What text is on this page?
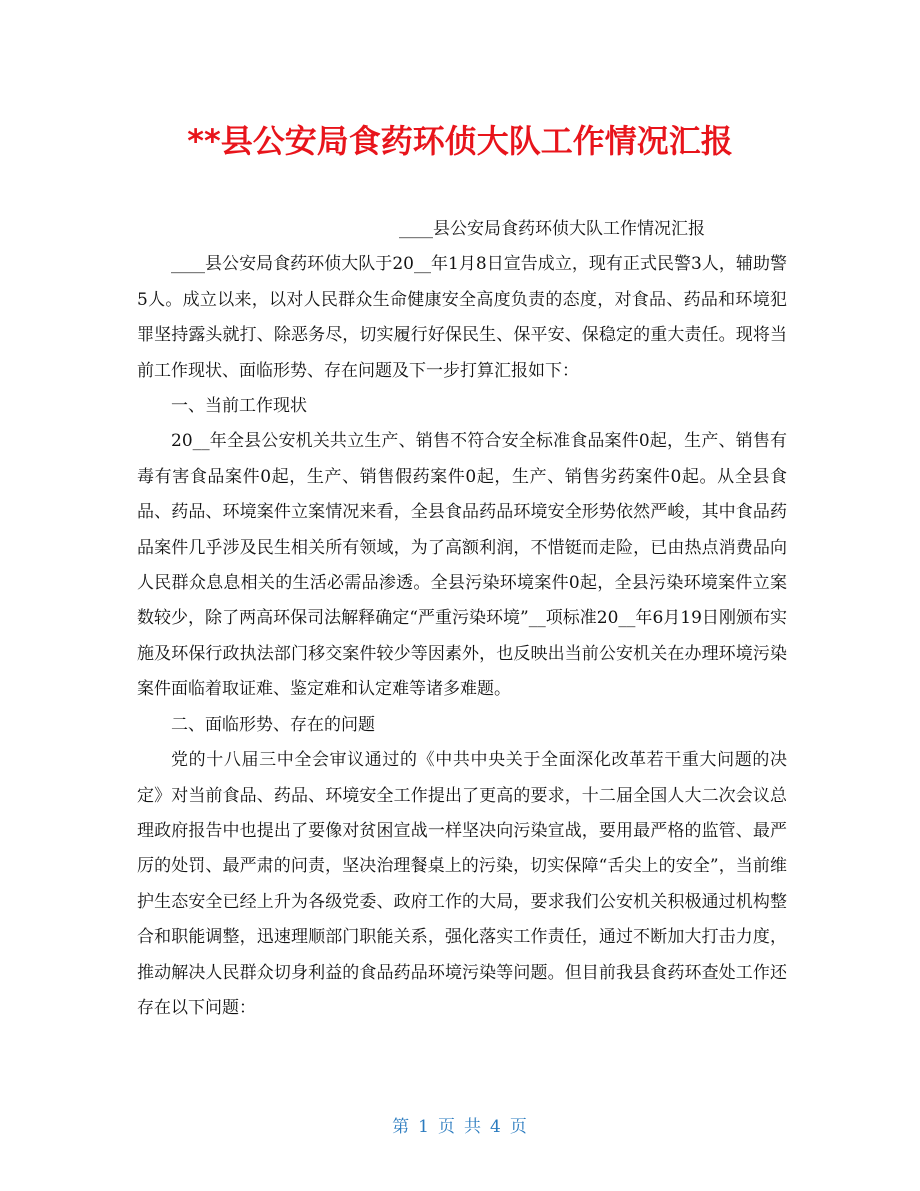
**县公安局食药环侦大队工作情况汇报

____县公安局食药环侦大队工作情况汇报

____县公安局食药环侦大队于20__年1月8日宣告成立，现有正式民警3人，辅助警5人。成立以来，以对人民群众生命健康安全高度负责的态度，对食品、药品和环境犯罪坚持露头就打、除恶务尽，切实履行好保民生、保平安、保稳定的重大责任。现将当前工作现状、面临形势、存在问题及下一步打算汇报如下：

一、当前工作现状

20__年全县公安机关共立生产、销售不符合安全标准食品案件0起，生产、销售有毒有害食品案件0起，生产、销售假药案件0起，生产、销售劣药案件0起。从全县食品、药品、环境案件立案情况来看，全县食品药品环境安全形势依然严峻，其中食品药品案件几乎涉及民生相关所有领域，为了高额利润，不惜铤而走险，已由热点消费品向人民群众息息相关的生活必需品渗透。全县污染环境案件0起，全县污染环境案件立案数较少，除了两高环保司法解释确定“严重污染环境”__项标准20__年6月19日刚颁布实施及环保行政执法部门移交案件较少等因素外，也反映出当前公安机关在办理环境污染案件面临着取证难、鉴定难和认定难等诸多难题。

二、面临形势、存在的问题

党的十八届三中全会审议通过的《中共中央关于全面深化改革若干重大问题的决定》对当前食品、药品、环境安全工作提出了更高的要求，十二届全国人大二次会议总理政府报告中也提出了要像对贫困宣战一样坚决向污染宣战，要用最严格的监管、最严厉的处罚、最严肃的问责，坚决治理餐桌上的污染，切实保障“舌尖上的安全”，当前维护生态安全已经上升为各级党委、政府工作的大局，要求我们公安机关积极通过机构整合和职能调整，迅速理顺部门职能关系，强化落实工作责任，通过不断加大打击力度，推动解决人民群众切身利益的食品药品环境污染等问题。但目前我县食药环查处工作还存在以下问题：

第 1 页 共 4 页
